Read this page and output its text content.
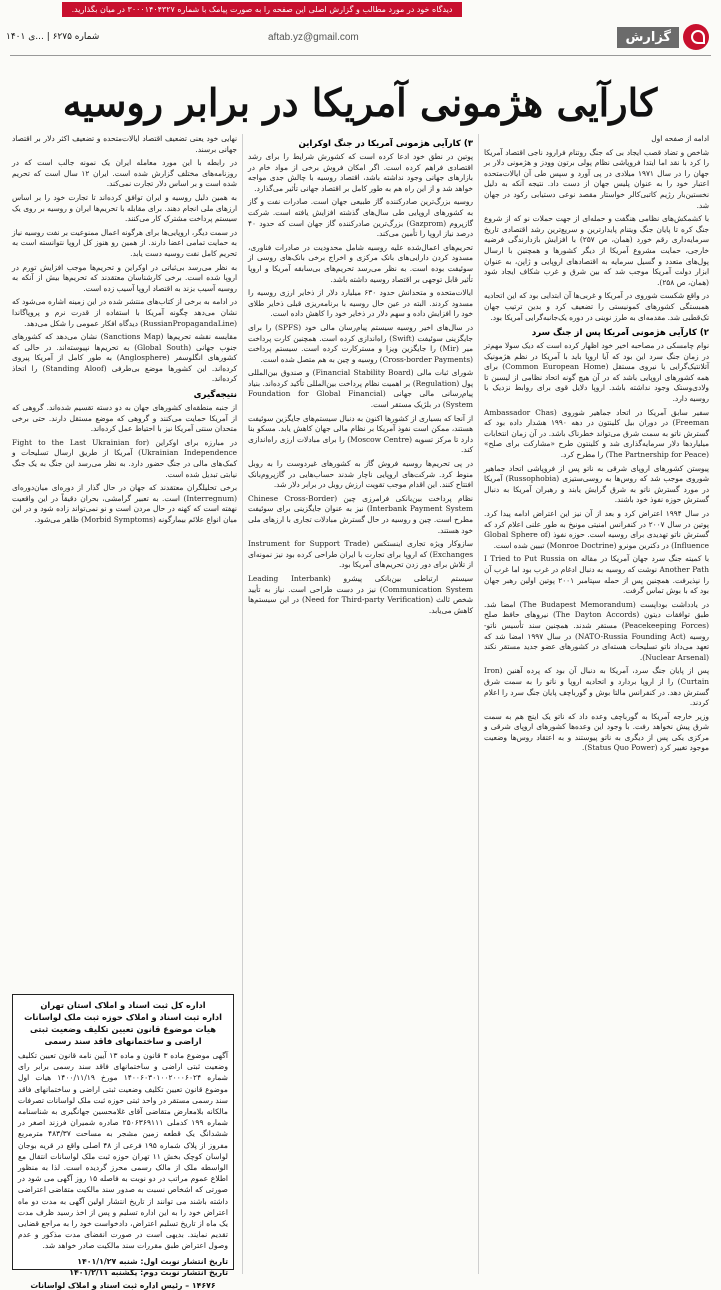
دیدگاه خود در مورد مطالب و گزارش اصلی این صفحه را به صورت پیامک با شماره ۳۰۰۰۱۴۰۴۳۲۷ در میان بگذارید.
گزارش
aftab.yz@gmail.com
شماره ۶۲۷۵ | ...ی ۱۴۰۱
کارآیی هژمونی آمریکا در برابر روسیه

ادامه از صفحه اول

شاخص و تضاد قصب ایجاد بی که جنگ روتنام فرارود ناجی اقتصاد آمریکا را کرد با نقد اما ایتدا فروپاشی نظام پولی برتون وودز و هژمونی دلار بر جهان را در سال ۱۹۷۱ میلادی در پی آورد و سپس طی آن ایالات‌متحده اعتبار خود را به عنوان پلیس جهان از دست داد. نتیجه آنکه به دلیل نخستین‌بار رژیم کاتبی‌کالر خواستار مقصد نوعی دستیابی رکود در جهان شد.

با کشمکش‌های نظامی هنگفت و حمله‌ای از جهت حملات نو که از شروع جنگ کره تا پایان جنگ ویتنام پایدارترین و سریع‌ترین رشد اقتصادی تاریخ سرمایه‌داری رقم خورد (همان، ص ۲۵۷) با افزایش بازدارندگی فرضیه خارجی، حمایت مشروع آمریکا از دیگر کشورها و همچنین با ارسال پول‌های متعدد و گسیل سرمایه به اقتصادهای اروپایی و ژاپن، به عنوان ابزار دولت آمریکا موجب شد که بین شرق و غرب شکاف ایجاد شود (همان، ص ۲۵۸).

در واقع شکست شوروی در آمریکا و غربی‌ها آن ابتدایی بود که این اتحادیه همبستگی کشورهای کمونیستی را تضعیف کرد و بدین ترتیب جهان تک‌قطبی شد. مقدمه‌ای به طرز نوینی در دوره یک‌جانبه‌گرایی آمریکا بود.

۲) کارآیی هژمونی آمریکا پس از جنگ سرد

نوام چامسکی در مصاحبه اخیر خود اظهار کرده است که دیک سولا مهم‌تر در زمان جنگ سرد این بود که آیا اروپا باید با آمریکا در نظم هژمونیک آتلانتیک‌گرایی یا نیروی مستقل (Common European Home) برای همه کشورهای اروپایی باشد که در آن هیچ گونه اتحاد نظامی از لیسبن تا ولادی‌وستک وجود نداشته باشد. اروپا دلایل قوی برای روابط نزدیک با روسیه دارد.

سفیر سابق آمریکا در اتحاد جماهیر شوروی (Ambassador Chas Freeman) در دوران بیل کلینتون در دهه ۱۹۹۰ هشدار داده بود که گسترش ناتو به سمت شرق می‌تواند خطرناک باشد. در آن زمان انتخابات میلیاردها دلار سرمایه‌گذاری شد و کلینتون طرح «مشارکت برای صلح» (The Partnership for Peace) را مطرح کرد.

پیوستن کشورهای اروپای شرقی به ناتو پس از فروپاشی اتحاد جماهیر شوروی موجب شد که روس‌ها به روسی‌ستیزی (Russophobia) آمریکا در مورد گسترش ناتو به شرق گرایش یابند و رهبران آمریکا به دنبال گسترش حوزه نفوذ خود باشند.

در سال ۱۹۹۴ اعتراض کرد و بعد از آن نیز این اعتراض ادامه پیدا کرد. پوتین در سال ۲۰۰۷ در کنفرانس امنیتی مونیخ به طور علنی اعلام کرد که گسترش ناتو تهدیدی برای روسیه است. حوزه نفوذ (Global Sphere of Influence) در دکترین مونرو (Monroe Doctrine) تبیین شده است.

با کمیته جنگ سرد جهان آمریکا در مقاله I Tried to Put Russia on Another Path نوشت که روسیه به دنبال ادغام در غرب بود اما غرب آن را نپذیرفت. همچنین پس از حمله سپتامبر ۲۰۰۱ پوتین اولین رهبر جهان بود که با بوش تماس گرفت.

در یادداشت بوداپست (The Budapest Memorandum) امضا شد. طبق توافقات دیتون (The Dayton Accords) نیروهای حافظ صلح (Peacekeeping Forces) مستقر شدند. همچنین سند تأسیس ناتو-روسیه (NATO-Russia Founding Act) در سال ۱۹۹۷ امضا شد که تعهد می‌داد ناتو تسلیحات هسته‌ای در کشورهای عضو جدید مستقر نکند (Nuclear Arsenal).

پس از پایان جنگ سرد، آمریکا به دنبال آن بود که پرده آهنین (Iron Curtain) را از اروپا بردارد و اتحادیه اروپا و ناتو را به سمت شرق گسترش دهد. در کنفرانس مالتا بوش و گورباچف پایان جنگ سرد را اعلام کردند.

وزیر خارجه آمریکا به گورباچف وعده داد که ناتو یک اینچ هم به سمت شرق پیش نخواهد رفت. با وجود این وعده‌ها کشورهای اروپای شرقی و مرکزی یکی پس از دیگری به ناتو پیوستند و به اعتقاد روس‌ها وضعیت موجود تغییر کرد (Status Quo Power).

۳) کارآیی هژمونی آمریکا در جنگ اوکراین

پوتین در نطق خود ادعا کرده است که کشورش شرایط را برای رشد اقتصادی فراهم کرده است. اگر امکان فروش برخی از مواد خام در بازارهای جهانی وجود نداشته باشد، اقتصاد روسیه با چالش جدی مواجه خواهد شد و از این راه هم به طور کامل بر اقتصاد جهانی تأثیر می‌گذارد.

روسیه بزرگ‌ترین صادرکننده گاز طبیعی جهان است. صادرات نفت و گاز به کشورهای اروپایی طی سال‌های گذشته افزایش یافته است. شرکت گازپروم (Gazprom) بزرگ‌ترین صادرکننده گاز جهان است که حدود ۴۰ درصد نیاز اروپا را تأمین می‌کند.

تحریم‌های اعمال‌شده علیه روسیه شامل محدودیت در صادرات فناوری، مسدود کردن دارایی‌های بانک مرکزی و اخراج برخی بانک‌های روسی از سوئیفت بوده است. به نظر می‌رسد تحریم‌های بی‌سابقه آمریکا و اروپا تأثیر قابل توجهی بر اقتصاد روسیه داشته باشد.

ایالات‌متحده و متحدانش حدود ۶۳۰ میلیارد دلار از ذخایر ارزی روسیه را مسدود کردند. البته در عین حال روسیه با برنامه‌ریزی قبلی ذخایر طلای خود را افزایش داده و سهم دلار در ذخایر خود را کاهش داده است.

در سال‌های اخیر روسیه سیستم پیام‌رسان مالی خود (SPFS) را برای جایگزینی سوئیفت (Swift) راه‌اندازی کرده است. همچنین کارت پرداخت میر (Mir) را جایگزین ویزا و مسترکارت کرده است. سیستم پرداخت (Cross-border Payments) روسیه و چین به هم متصل شده است.

شورای ثبات مالی (Financial Stability Board) و صندوق بین‌المللی پول (Regulation) بر اهمیت نظام پرداخت بین‌المللی تأکید کرده‌اند. بنیاد پیام‌رسانی مالی جهانی (Foundation for Global Financial System) در بلژیک مستقر است.

از آنجا که بسیاری از کشورها اکنون به دنبال سیستم‌های جایگزین سوئیفت هستند، ممکن است نفوذ آمریکا بر نظام مالی جهان کاهش یابد. مسکو بنا دارد تا مرکز تسویه (Moscow Centre) را برای مبادلات ارزی راه‌اندازی کند.

در پی تحریم‌ها روسیه فروش گاز به کشورهای غیردوست را به روبل منوط کرد. شرکت‌های اروپایی ناچار شدند حساب‌هایی در گازپروم‌بانک افتتاح کنند. این اقدام موجب تقویت ارزش روبل در برابر دلار شد.

نظام پرداخت بین‌بانکی فرامرزی چین (Chinese Cross-Border Interbank Payment System) نیز به عنوان جایگزینی برای سوئیفت مطرح است. چین و روسیه در حال گسترش مبادلات تجاری با ارزهای ملی خود هستند.

سازوکار ویژه تجاری اینستکس (Instrument for Support Trade Exchanges) که اروپا برای تجارت با ایران طراحی کرده بود نیز نمونه‌ای از تلاش برای دور زدن تحریم‌های آمریکا بود.

سیستم ارتباطی بین‌بانکی پیشرو (Leading Interbank Communication System) نیز در دست طراحی است. نیاز به تأیید شخص ثالث (Need for Third-party Verification) در این سیستم‌ها کاهش می‌یابد.

نهایی خود یعنی تضعیف اقتصاد ایالات‌متحده و تضعیف اکثر دلار بر اقتصاد جهانی برسند.

در رابطه با این مورد معامله ایران یک نمونه جالب است که در روزنامه‌های مختلف گزارش شده است. ایران ۱۲ سال است که تحریم شده است و بر اساس دلار تجارت نمی‌کند.

به همین دلیل روسیه و ایران توافق کرده‌اند تا تجارت خود را بر اساس ارزهای ملی انجام دهند. برای مقابله با تحریم‌ها ایران و روسیه بر روی یک سیستم پرداخت مشترک کار می‌کنند.

در سمت دیگر، اروپایی‌ها برای هرگونه اعمال ممنوعیت بر نفت روسیه نیاز به حمایت تمامی اعضا دارند. از همین رو هنوز کل اروپا نتوانسته است به تحریم کامل نفت روسیه دست یابد.

به نظر می‌رسد بی‌ثباتی در اوکراین و تحریم‌ها موجب افزایش تورم در اروپا شده است. برخی کارشناسان معتقدند که تحریم‌ها بیش از آنکه به روسیه آسیب بزند به اقتصاد اروپا آسیب زده است.

در ادامه به برخی از کتاب‌های منتشر شده در این زمینه اشاره می‌شود که نشان می‌دهد چگونه آمریکا با استفاده از قدرت نرم و پروپاگاندا (RussianPropagandaLine) دیدگاه افکار عمومی را شکل می‌دهد.

مقایسه نقشه تحریم‌ها (Sanctions Map) نشان می‌دهد که کشورهای جنوب جهانی (Global South) به تحریم‌ها نپیوسته‌اند. در حالی که کشورهای انگلوسفر (Anglosphere) به طور کامل از آمریکا پیروی کرده‌اند. این کشورها موضع بی‌طرفی (Standing Aloof) را اتخاذ کرده‌اند.

نتیجه‌گیری

از جنبه منطقه‌ای کشورهای جهان به دو دسته تقسیم شده‌اند. گروهی که از آمریکا حمایت می‌کنند و گروهی که موضع مستقل دارند. حتی برخی متحدان سنتی آمریکا نیز با احتیاط عمل کرده‌اند.

در مبارزه برای اوکراین (Fight to the Last Ukrainian for Ukrainian Independence) آمریکا از طریق ارسال تسلیحات و کمک‌های مالی در جنگ حضور دارد. به نظر می‌رسد این جنگ به یک جنگ نیابتی تبدیل شده است.

برخی تحلیلگران معتقدند که جهان در حال گذار از دوره‌ای میان‌دوره‌ای (Interregnum) است. به تعبیر گرامشی، بحران دقیقاً در این واقعیت نهفته است که کهنه در حال مردن است و نو نمی‌تواند زاده شود و در این میان انواع علائم بیمارگونه (Morbid Symptoms) ظاهر می‌شود.

اداره کل ثبت اسناد و املاک استان تهران
اداره ثبت اسناد و املاک حوزه ثبت ملک لواسانات هیات موضوع قانون تعیین تکلیف وضعیت ثبتی اراضی و ساختمانهای فاقد سند رسمی
آگهی موضوع ماده ۳ قانون و ماده ۱۳ آیین نامه قانون تعیین تکلیف وضعیت ثبتی اراضی و ساختمانهای فاقد سند رسمی برابر رای شماره ۱۴۰۰۶۰۳۰۱۰۰۲۰۰۰۶۰۲۴ مورخ ۱۴۰۰/۱۱/۱۹ هیات اول موضوع قانون تعیین تکلیف وضعیت ثبتی اراضی و ساختمانهای فاقد سند رسمی مستقر در واحد ثبتی حوزه ثبت ملک لواسانات تصرفات مالکانه بلامعارض متقاضی آقای غلامحسین جهانگیری به شناسنامه شماره ۱۹۹ کدملی ۲۵۰۶۳۶۹۱۱۱ صادره شمیران فرزند اصغر در ششدانگ یک قطعه زمین مشجر به مساحت ۴۸۳/۳۷ مترمربع مفروز از پلاک شماره ۱۹۵ فرعی از ۴۸ اصلی واقع در قریه بوجان لواسان کوچک بخش ۱۱ تهران حوزه ثبت ملک لواسانات انتقال مع الواسطه ملک از مالک رسمی محرز گردیده است. لذا به منظور اطلاع عموم مراتب در دو نوبت به فاصله ۱۵ روز آگهی می شود در صورتی که اشخاص نسبت به صدور سند مالکیت متقاضی اعتراضی داشته باشند می توانند از تاریخ انتشار اولین آگهی به مدت دو ماه اعتراض خود را به این اداره تسلیم و پس از اخذ رسید ظرف مدت یک ماه از تاریخ تسلیم اعتراض، دادخواست خود را به مراجع قضایی تقدیم نمایند. بدیهی است در صورت انقضای مدت مذکور و عدم وصول اعتراض طبق مقررات سند مالکیت صادر خواهد شد.
تاریخ انتشار نوبت اول: شنبه ۱۴۰۱/۱/۲۷
تاریخ انتشار نوبت دوم: یکشنبه ۱۴۰۱/۲/۱۱
۱۴۶۷۶ – رئیس اداره ثبت اسناد و املاک لواسانات
